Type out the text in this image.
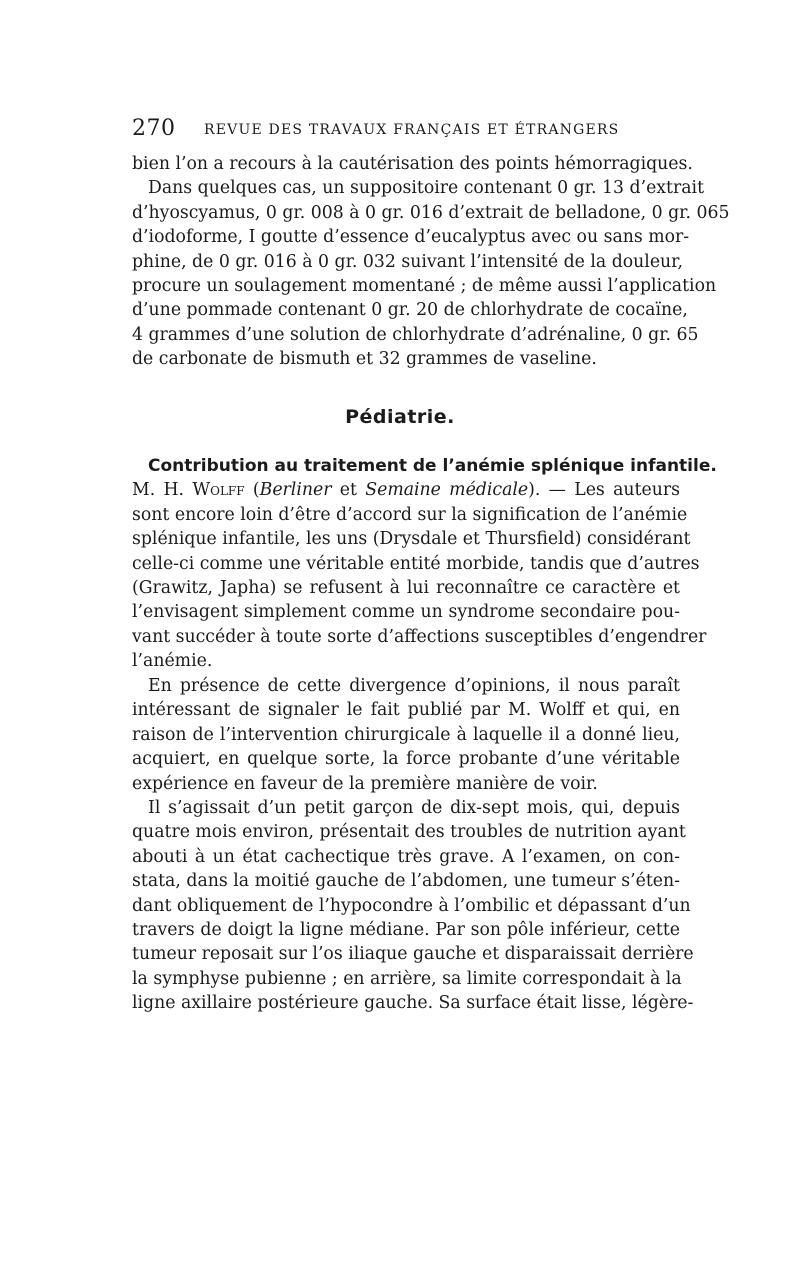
270 REVUE DES TRAVAUX FRANÇAIS ET ÉTRANGERS
bien l’on a recours à la cautérisation des points hémorragiques.
Dans quelques cas, un suppositoire contenant 0 gr. 13 d’extrait
d’hyoscyamus, 0 gr. 008 à 0 gr. 016 d’extrait de belladone, 0 gr. 065
d’iodoforme, I goutte d’essence d’eucalyptus avec ou sans mor-
phine, de 0 gr. 016 à 0 gr. 032 suivant l’intensité de la douleur,
procure un soulagement momentané ; de même aussi l’application
d’une pommade contenant 0 gr. 20 de chlorhydrate de cocaïne,
4 grammes d’une solution de chlorhydrate d’adrénaline, 0 gr. 65
de carbonate de bismuth et 32 grammes de vaseline.
Pédiatrie.
Contribution au traitement de l’anémie splénique infantile.
M. H. Wolff (Berliner et Semaine médicale). — Les auteurs
sont encore loin d’être d’accord sur la signification de l’anémie
splénique infantile, les uns (Drysdale et Thursfield) considérant
celle-ci comme une véritable entité morbide, tandis que d’autres
(Grawitz, Japha) se refusent à lui reconnaître ce caractère et
l’envisagent simplement comme un syndrome secondaire pou-
vant succéder à toute sorte d’affections susceptibles d’engendrer
l’anémie.
En présence de cette divergence d’opinions, il nous paraît
intéressant de signaler le fait publié par M. Wolff et qui, en
raison de l’intervention chirurgicale à laquelle il a donné lieu,
acquiert, en quelque sorte, la force probante d’une véritable
expérience en faveur de la première manière de voir.
Il s’agissait d’un petit garçon de dix-sept mois, qui, depuis
quatre mois environ, présentait des troubles de nutrition ayant
abouti à un état cachectique très grave. A l’examen, on con-
stata, dans la moitié gauche de l’abdomen, une tumeur s’éten-
dant obliquement de l’hypocondre à l’ombilic et dépassant d’un
travers de doigt la ligne médiane. Par son pôle inférieur, cette
tumeur reposait sur l’os iliaque gauche et disparaissait derrière
la symphyse pubienne ; en arrière, sa limite correspondait à la
ligne axillaire postérieure gauche. Sa surface était lisse, légère-
